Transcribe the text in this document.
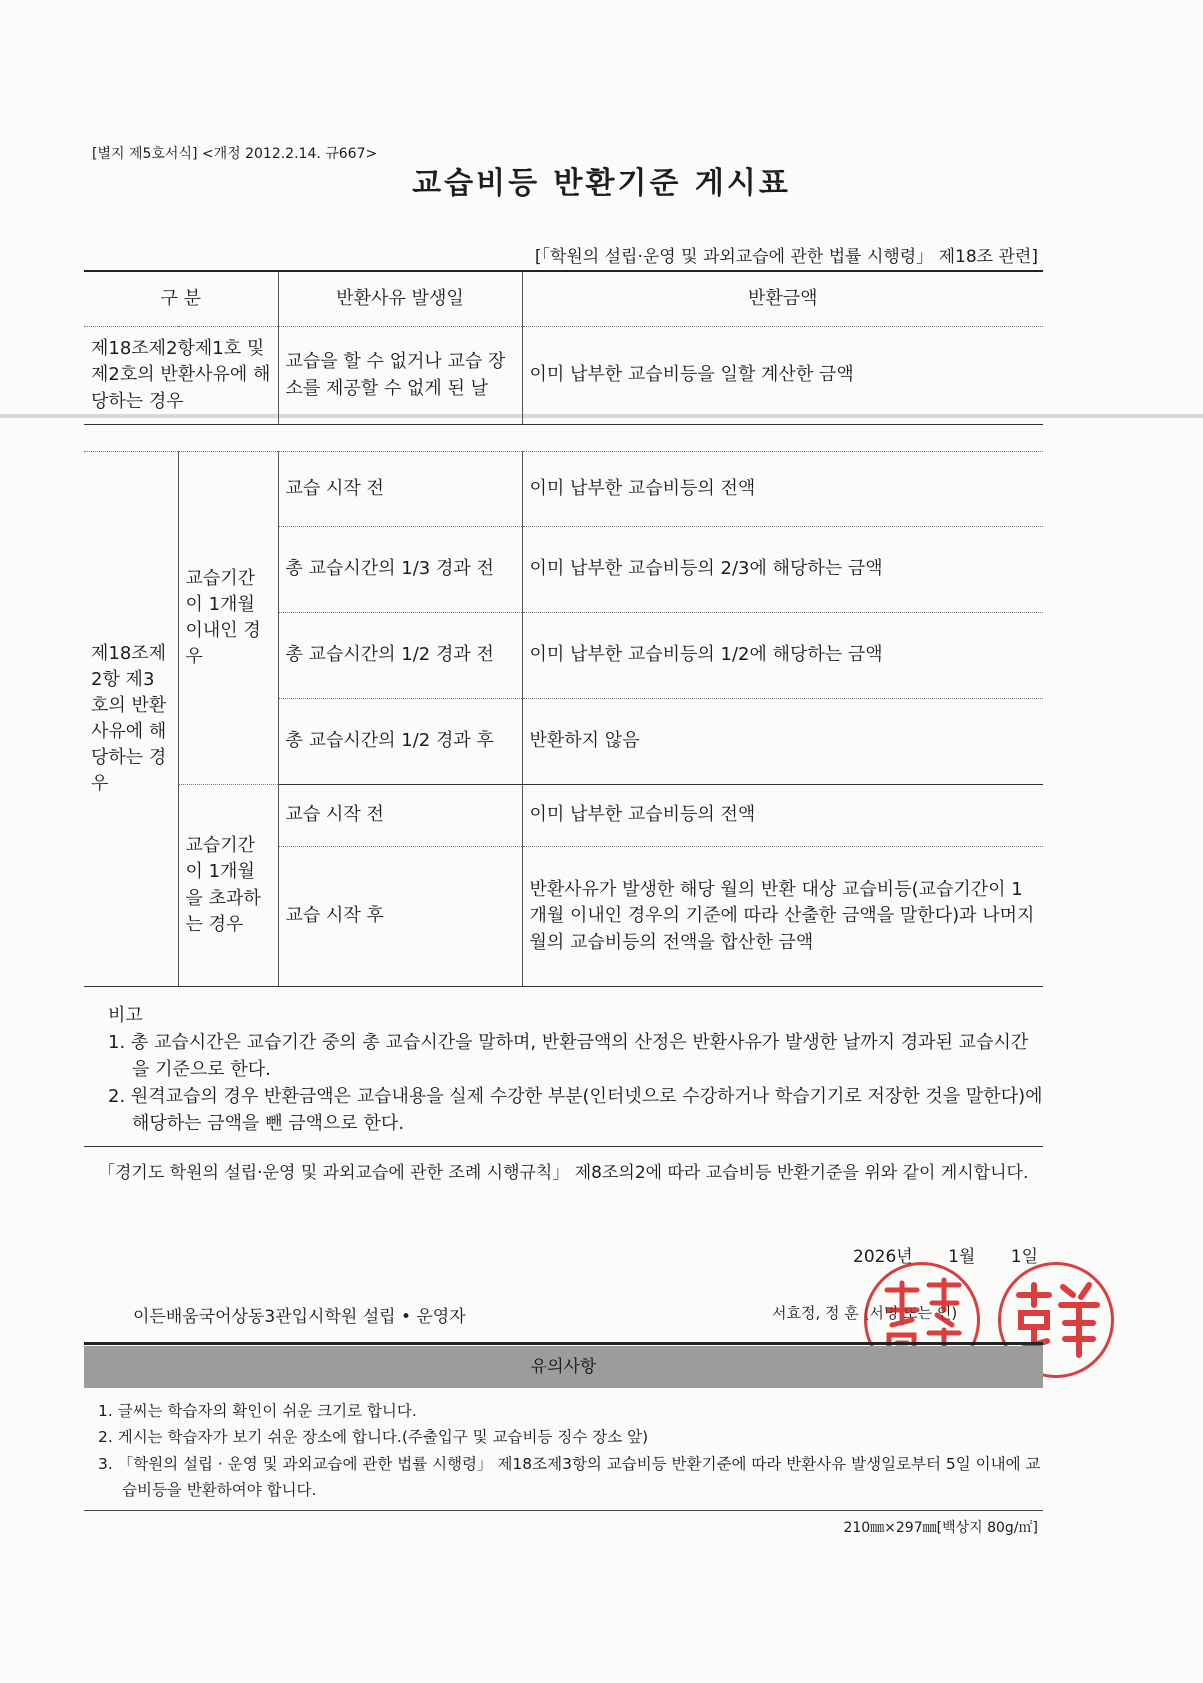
[별지 제5호서식] <개정 2012.2.14. 규667>
교습비등 반환기준 게시표
[「학원의 설립·운영 및 과외교습에 관한 법률 시행령」 제18조 관련]
구 분		반환사유 발생일	반환금액
제18조제2항제1호 및 제2호의 반환사유에 해당하는 경우		교습을 할 수 없거나 교습 장소를 제공할 수 없게 된 날	이미 납부한 교습비등을 일할 계산한 금액

제18조제2항 제3호의 반환사유에 해당하는 경우	교습기간이 1개월 이내인 경우	교습 시작 전	이미 납부한 교습비등의 전액
		총 교습시간의 1/3 경과 전	이미 납부한 교습비등의 2/3에 해당하는 금액
		총 교습시간의 1/2 경과 전	이미 납부한 교습비등의 1/2에 해당하는 금액
		총 교습시간의 1/2 경과 후	반환하지 않음
	교습기간이 1개월을 초과하는 경우	교습 시작 전	이미 납부한 교습비등의 전액
		교습 시작 후	반환사유가 발생한 해당 월의 반환 대상 교습비등(교습기간이 1개월 이내인 경우의 기준에 따라 산출한 금액을 말한다)과 나머지 월의 교습비등의 전액을 합산한 금액
비고
1. 총 교습시간은 교습기간 중의 총 교습시간을 말하며, 반환금액의 산정은 반환사유가 발생한 날까지 경과된 교습시간을 기준으로 한다.
2. 원격교습의 경우 반환금액은 교습내용을 실제 수강한 부분(인터넷으로 수강하거나 학습기기로 저장한 것을 말한다)에 해당하는 금액을 뺀 금액으로 한다.
「경기도 학원의 설립·운영 및 과외교습에 관한 조례 시행규칙」 제8조의2에 따라 교습비등 반환기준을 위와 같이 게시합니다.
2026년 1월 1일
이든배움국어상동3관입시학원 설립 • 운영자	서효정, 정 훈 (서명 또는 인)
유의사항
1. 글씨는 학습자의 확인이 쉬운 크기로 합니다.
2. 게시는 학습자가 보기 쉬운 장소에 합니다.(주출입구 및 교습비등 징수 장소 앞)
3. 「학원의 설립 · 운영 및 과외교습에 관한 법률 시행령」 제18조제3항의 교습비등 반환기준에 따라 반환사유 발생일로부터 5일 이내에 교습비등을 반환하여야 합니다.
210㎜×297㎜[백상지 80g/㎡]
